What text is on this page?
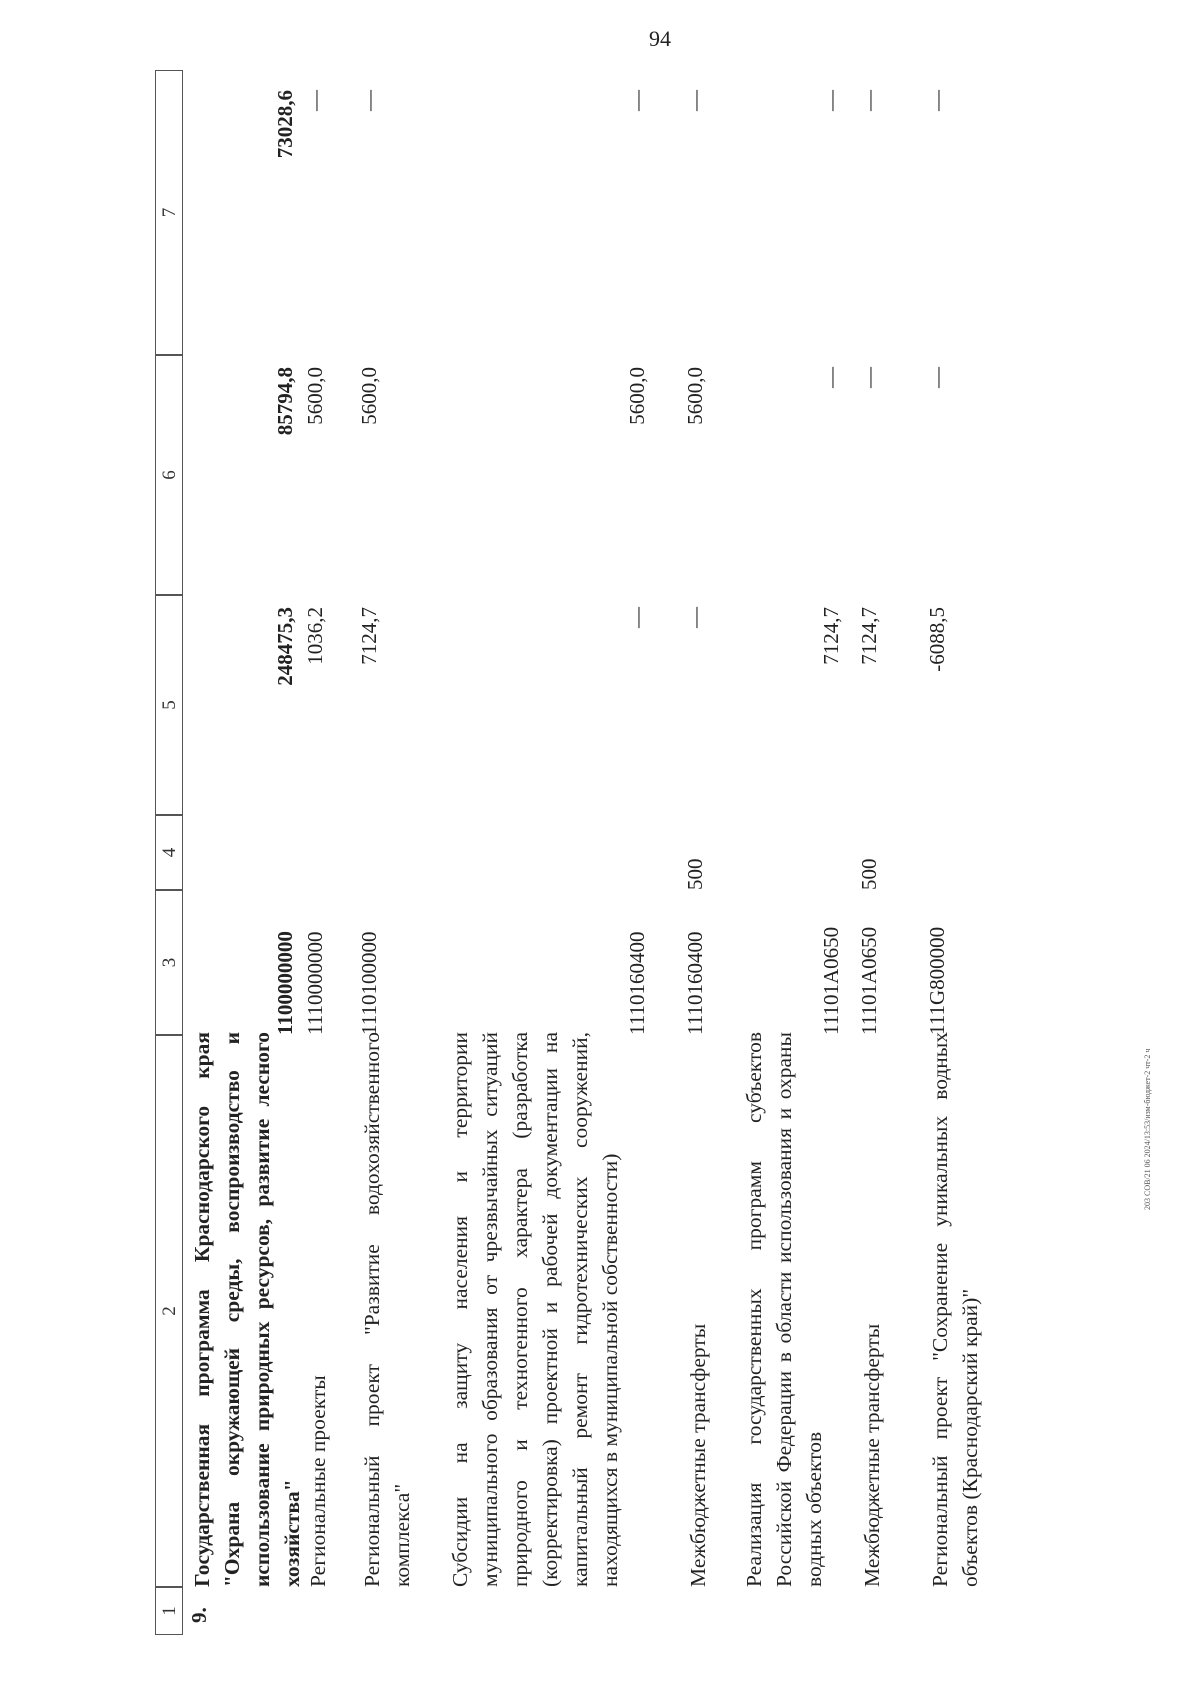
94
203 СОВ/21 06 2024/13:53/изм-бюджет-2 чт-2 ч
1
2
3
4
5
6
7
9.
Государственная программа Краснодарского края "Охрана окружающей среды, воспроизводство и использование природных ресурсов, развитие лесного хозяйства"
1100000000
248475,3
85794,8
73028,6
Региональные проекты
1110000000
1036,2
5600,0
—
Региональный проект "Развитие водохозяйственного комплекса"
1110100000
7124,7
5600,0
—
Субсидии на защиту населения и территории муниципального образования от чрезвычайных ситуаций природного и техногенного характера (разработка (корректировка) проектной и рабочей документации на капитальный ремонт гидротехнических сооружений, находящихся в муниципальной собственности)
1110160400
—
5600,0
—
Межбюджетные трансферты
1110160400
500
—
5600,0
—
Реализация государственных программ субъектов Российской Федерации в области использования и охраны водных объектов
11101А0650
7124,7
—
—
Межбюджетные трансферты
11101А0650
500
7124,7
—
—
Региональный проект "Сохранение уникальных водных объектов (Краснодарский край)"
111G800000
-6088,5
—
—
